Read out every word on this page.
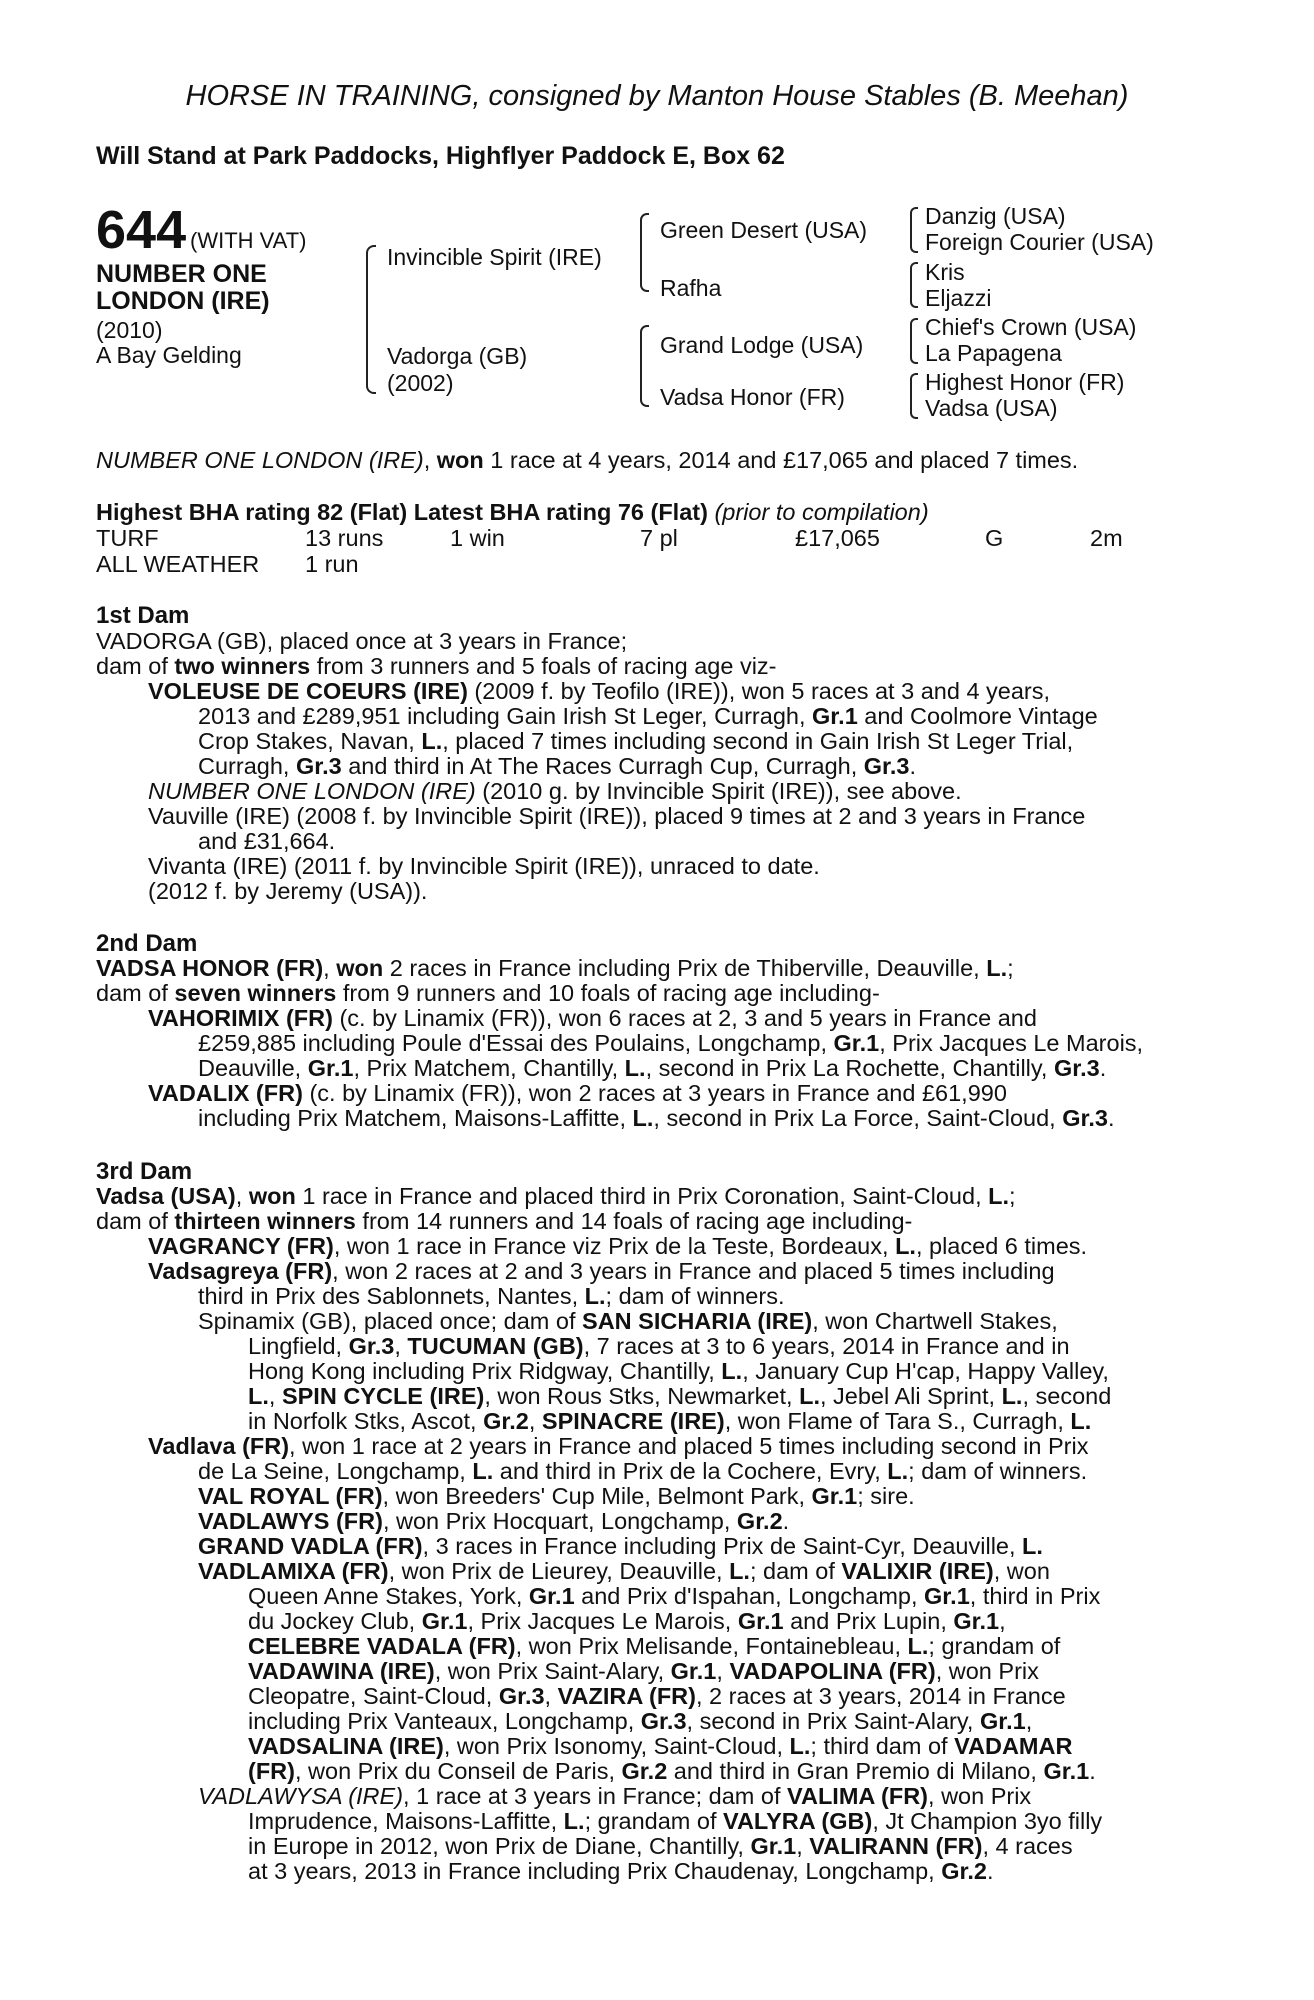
HORSE IN TRAINING, consigned by Manton House Stables (B. Meehan)
Will Stand at Park Paddocks, Highflyer Paddock E, Box 62
644 (WITH VAT)
NUMBER ONE
LONDON (IRE)
(2010)
A Bay Gelding
Invincible Spirit (IRE)
Vadorga (GB)
(2002)
Green Desert (USA)
Rafha
Grand Lodge (USA)
Vadsa Honor (FR)
Danzig (USA)
Foreign Courier (USA)
Kris
Eljazzi
Chief's Crown (USA)
La Papagena
Highest Honor (FR)
Vadsa (USA)
NUMBER ONE LONDON (IRE), won 1 race at 4 years, 2014 and £17,065 and placed 7 times.
Highest BHA rating 82 (Flat) Latest BHA rating 76 (Flat) (prior to compilation)
TURF	13 runs	1 win	7 pl	£17,065	G	2m
ALL WEATHER 1 run
1st Dam
VADORGA (GB), placed once at 3 years in France;
dam of two winners from 3 runners and 5 foals of racing age viz-
VOLEUSE DE COEURS (IRE) (2009 f. by Teofilo (IRE)), won 5 races at 3 and 4 years,
2013 and £289,951 including Gain Irish St Leger, Curragh, Gr.1 and Coolmore Vintage
Crop Stakes, Navan, L., placed 7 times including second in Gain Irish St Leger Trial,
Curragh, Gr.3 and third in At The Races Curragh Cup, Curragh, Gr.3.
NUMBER ONE LONDON (IRE) (2010 g. by Invincible Spirit (IRE)), see above.
Vauville (IRE) (2008 f. by Invincible Spirit (IRE)), placed 9 times at 2 and 3 years in France
and £31,664.
Vivanta (IRE) (2011 f. by Invincible Spirit (IRE)), unraced to date.
(2012 f. by Jeremy (USA)).
2nd Dam
VADSA HONOR (FR), won 2 races in France including Prix de Thiberville, Deauville, L.;
dam of seven winners from 9 runners and 10 foals of racing age including-
VAHORIMIX (FR) (c. by Linamix (FR)), won 6 races at 2, 3 and 5 years in France and
£259,885 including Poule d'Essai des Poulains, Longchamp, Gr.1, Prix Jacques Le Marois,
Deauville, Gr.1, Prix Matchem, Chantilly, L., second in Prix La Rochette, Chantilly, Gr.3.
VADALIX (FR) (c. by Linamix (FR)), won 2 races at 3 years in France and £61,990
including Prix Matchem, Maisons-Laffitte, L., second in Prix La Force, Saint-Cloud, Gr.3.
3rd Dam
Vadsa (USA), won 1 race in France and placed third in Prix Coronation, Saint-Cloud, L.;
dam of thirteen winners from 14 runners and 14 foals of racing age including-
VAGRANCY (FR), won 1 race in France viz Prix de la Teste, Bordeaux, L., placed 6 times.
Vadsagreya (FR), won 2 races at 2 and 3 years in France and placed 5 times including
third in Prix des Sablonnets, Nantes, L.; dam of winners.
Spinamix (GB), placed once; dam of SAN SICHARIA (IRE), won Chartwell Stakes,
Lingfield, Gr.3, TUCUMAN (GB), 7 races at 3 to 6 years, 2014 in France and in
Hong Kong including Prix Ridgway, Chantilly, L., January Cup H'cap, Happy Valley,
L., SPIN CYCLE (IRE), won Rous Stks, Newmarket, L., Jebel Ali Sprint, L., second
in Norfolk Stks, Ascot, Gr.2, SPINACRE (IRE), won Flame of Tara S., Curragh, L.
Vadlava (FR), won 1 race at 2 years in France and placed 5 times including second in Prix
de La Seine, Longchamp, L. and third in Prix de la Cochere, Evry, L.; dam of winners.
VAL ROYAL (FR), won Breeders' Cup Mile, Belmont Park, Gr.1; sire.
VADLAWYS (FR), won Prix Hocquart, Longchamp, Gr.2.
GRAND VADLA (FR), 3 races in France including Prix de Saint-Cyr, Deauville, L.
VADLAMIXA (FR), won Prix de Lieurey, Deauville, L.; dam of VALIXIR (IRE), won
Queen Anne Stakes, York, Gr.1 and Prix d'Ispahan, Longchamp, Gr.1, third in Prix
du Jockey Club, Gr.1, Prix Jacques Le Marois, Gr.1 and Prix Lupin, Gr.1,
CELEBRE VADALA (FR), won Prix Melisande, Fontainebleau, L.; grandam of
VADAWINA (IRE), won Prix Saint-Alary, Gr.1, VADAPOLINA (FR), won Prix
Cleopatre, Saint-Cloud, Gr.3, VAZIRA (FR), 2 races at 3 years, 2014 in France
including Prix Vanteaux, Longchamp, Gr.3, second in Prix Saint-Alary, Gr.1,
VADSALINA (IRE), won Prix Isonomy, Saint-Cloud, L.; third dam of VADAMAR
(FR), won Prix du Conseil de Paris, Gr.2 and third in Gran Premio di Milano, Gr.1.
VADLAWYSA (IRE), 1 race at 3 years in France; dam of VALIMA (FR), won Prix
Imprudence, Maisons-Laffitte, L.; grandam of VALYRA (GB), Jt Champion 3yo filly
in Europe in 2012, won Prix de Diane, Chantilly, Gr.1, VALIRANN (FR), 4 races
at 3 years, 2013 in France including Prix Chaudenay, Longchamp, Gr.2.
